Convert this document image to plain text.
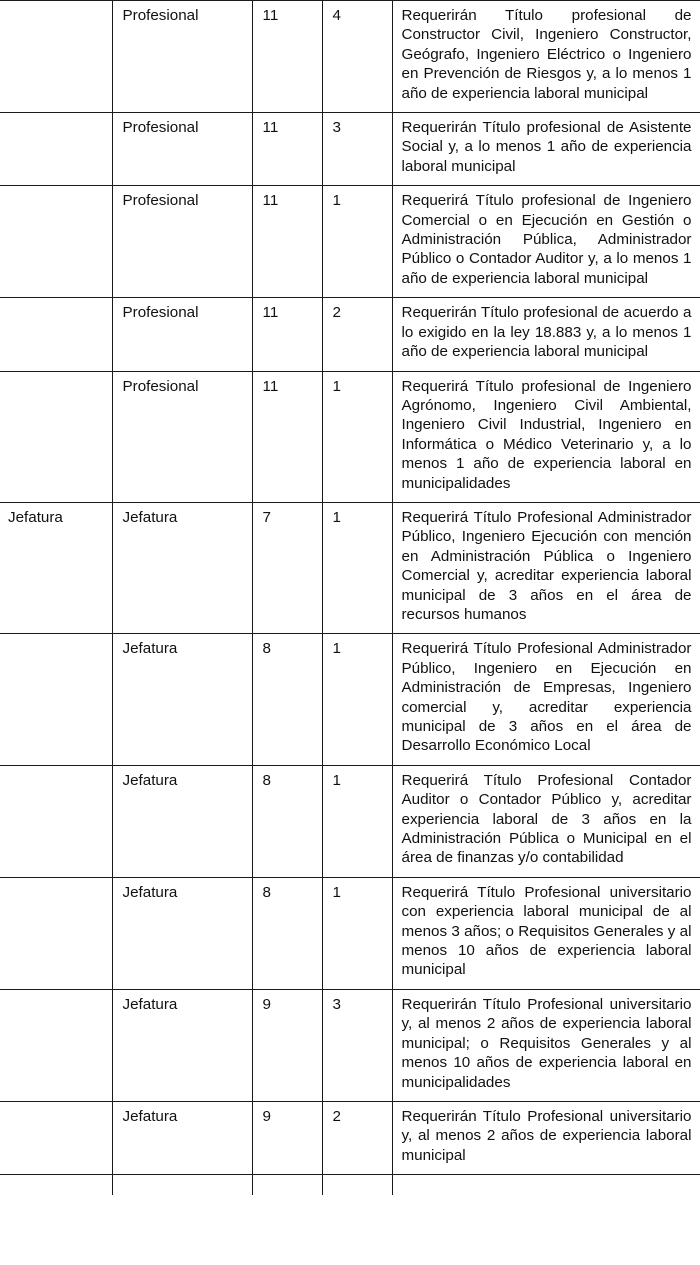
	Profesional	11	4	Requerirán Título profesional de Constructor Civil, Ingeniero Constructor, Geógrafo, Ingeniero Eléctrico o Ingeniero en Prevención de Riesgos y, a lo menos 1 año de experiencia laboral municipal
	Profesional	11	3	Requerirán Título profesional de Asistente Social y, a lo menos 1 año de experiencia laboral municipal
	Profesional	11	1	Requerirá Título profesional de Ingeniero Comercial o en Ejecución en Gestión o Administración Pública, Administrador Público o Contador Auditor y, a lo menos 1 año de experiencia laboral municipal
	Profesional	11	2	Requerirán Título profesional de acuerdo a lo exigido en la ley 18.883 y, a lo menos 1 año de experiencia laboral municipal
	Profesional	11	1	Requerirá Título profesional de Ingeniero Agrónomo, Ingeniero Civil Ambiental, Ingeniero Civil Industrial, Ingeniero en Informática o Médico Veterinario y, a lo menos 1 año de experiencia laboral en municipalidades
Jefatura	Jefatura	7	1	Requerirá Título Profesional Administrador Público, Ingeniero Ejecución con mención en Administración Pública o Ingeniero Comercial y, acreditar experiencia laboral municipal de 3 años en el área de recursos humanos
	Jefatura	8	1	Requerirá Título Profesional Administrador Público, Ingeniero en Ejecución en Administración de Empresas, Ingeniero comercial y, acreditar experiencia municipal de 3 años en el área de Desarrollo Económico Local
	Jefatura	8	1	Requerirá Título Profesional Contador Auditor o Contador Público y, acreditar experiencia laboral de 3 años en la Administración Pública o Municipal en el área de finanzas y/o contabilidad
	Jefatura	8	1	Requerirá Título Profesional universitario con experiencia laboral municipal de al menos 3 años; o Requisitos Generales y al menos 10 años de experiencia laboral municipal
	Jefatura	9	3	Requerirán Título Profesional universitario y, al menos 2 años de experiencia laboral municipal; o Requisitos Generales y al menos 10 años de experiencia laboral en municipalidades
	Jefatura	9	2	Requerirán Título Profesional universitario y, al menos 2 años de experiencia laboral municipal
